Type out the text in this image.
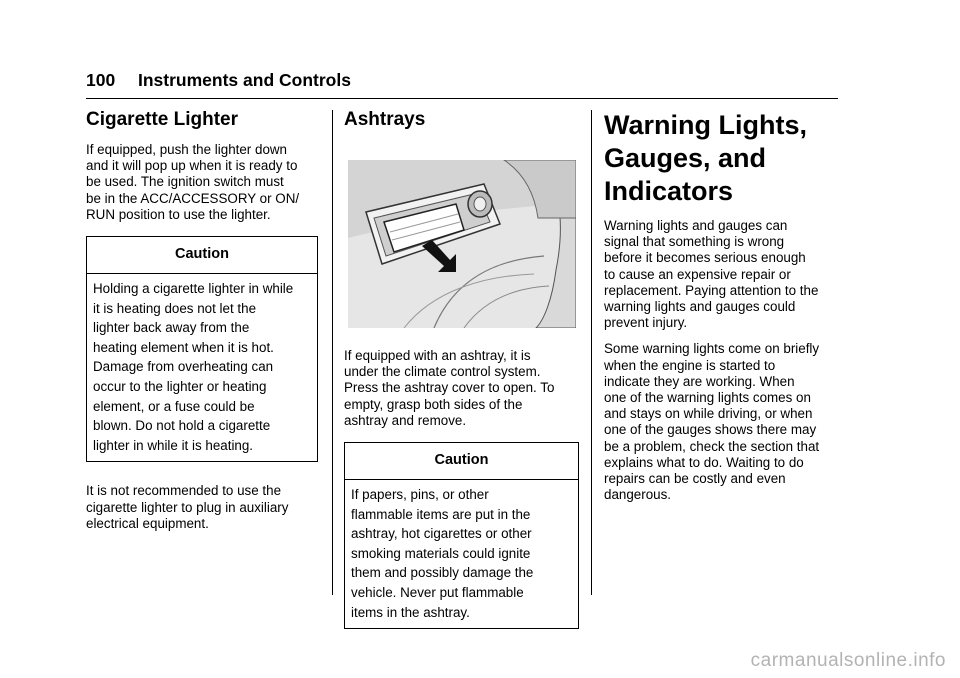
100 Instruments and Controls
Cigarette Lighter

If equipped, push the lighter down
and it will pop up when it is ready to
be used. The ignition switch must
be in the ACC/ACCESSORY or ON/
RUN position to use the lighter.

Caution
Holding a cigarette lighter in while
it is heating does not let the
lighter back away from the
heating element when it is hot.
Damage from overheating can
occur to the lighter or heating
element, or a fuse could be
blown. Do not hold a cigarette
lighter in while it is heating.

It is not recommended to use the
cigarette lighter to plug in auxiliary
electrical equipment.

Ashtrays

If equipped with an ashtray, it is
under the climate control system.
Press the ashtray cover to open. To
empty, grasp both sides of the
ashtray and remove.

Caution
If papers, pins, or other
flammable items are put in the
ashtray, hot cigarettes or other
smoking materials could ignite
them and possibly damage the
vehicle. Never put flammable
items in the ashtray.
Warning Lights,
Gauges, and
Indicators

Warning lights and gauges can
signal that something is wrong
before it becomes serious enough
to cause an expensive repair or
replacement. Paying attention to the
warning lights and gauges could
prevent injury.

Some warning lights come on briefly
when the engine is started to
indicate they are working. When
one of the warning lights comes on
and stays on while driving, or when
one of the gauges shows there may
be a problem, check the section that
explains what to do. Waiting to do
repairs can be costly and even
dangerous.

carmanualsonline.info
